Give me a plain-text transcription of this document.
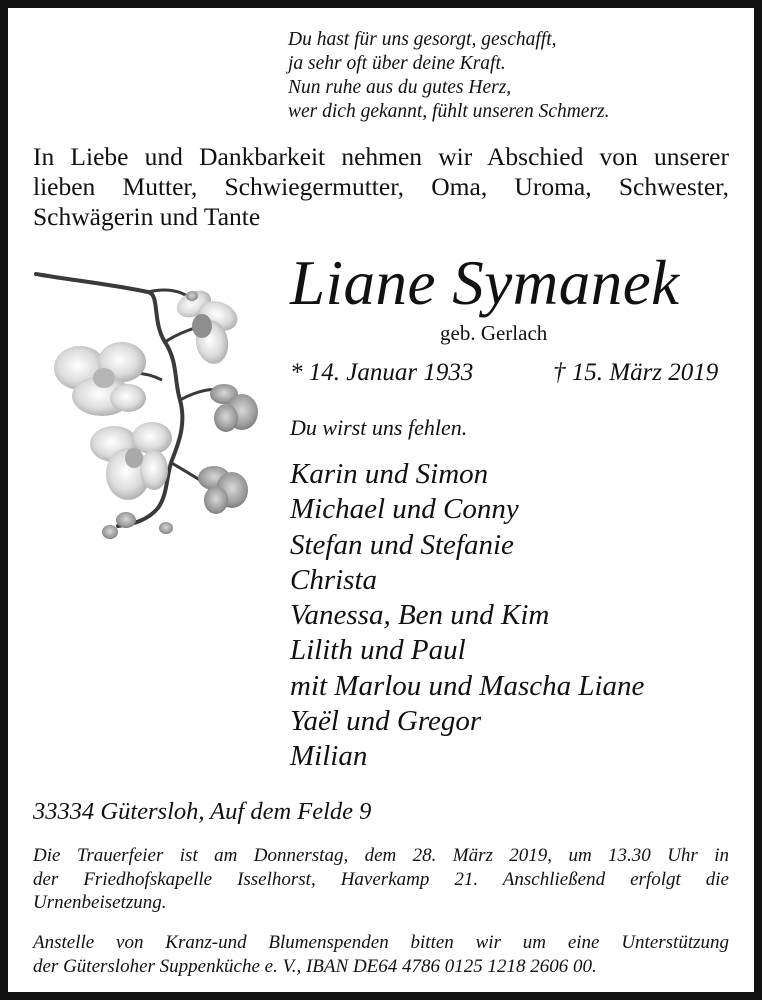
Du hast für uns gesorgt, geschafft,
ja sehr oft über deine Kraft.
Nun ruhe aus du gutes Herz,
wer dich gekannt, fühlt unseren Schmerz.
In Liebe und Dankbarkeit nehmen wir Abschied von unserer
lieben Mutter, Schwiegermutter, Oma, Uroma, Schwester,
Schwägerin und Tante
Liane Symanek
geb. Gerlach
* 14. Januar 1933	† 15. März 2019
Du wirst uns fehlen.
Karin und Simon
Michael und Conny
Stefan und Stefanie
Christa
Vanessa, Ben und Kim
Lilith und Paul
mit Marlou und Mascha Liane
Yaël und Gregor
Milian
33334 Gütersloh, Auf dem Felde 9
Die Trauerfeier ist am Donnerstag, dem 28. März 2019, um 13.30 Uhr in
der Friedhofskapelle Isselhorst, Haverkamp 21. Anschließend erfolgt die
Urnenbeisetzung.
Anstelle von Kranz-und Blumenspenden bitten wir um eine Unterstützung
der Gütersloher Suppenküche e. V., IBAN DE64 4786 0125 1218 2606 00.
